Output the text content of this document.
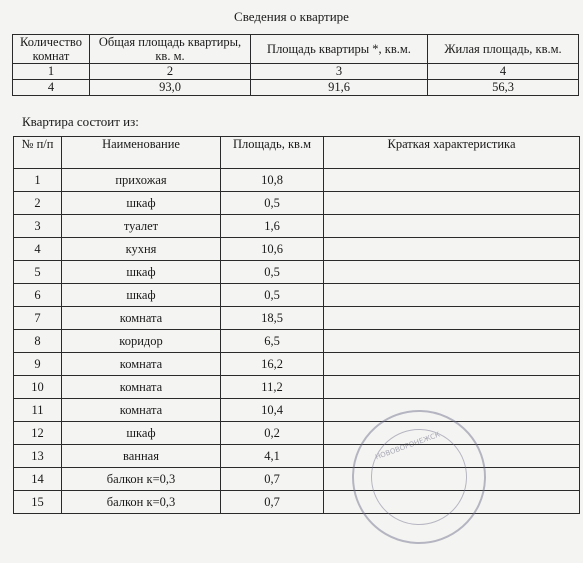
Сведения о квартире
Количество комнат	Общая площадь квартиры, кв. м.	Площадь квартиры *, кв.м.	Жилая площадь, кв.м.
1	2	3	4
4	93,0	91,6	56,3
Квартира состоит из:
№ п/п	Наименование	Площадь, кв.м	Краткая характеристика
1	прихожая	10,8	
2	шкаф	0,5	
3	туалет	1,6	
4	кухня	10,6	
5	шкаф	0,5	
6	шкаф	0,5	
7	комната	18,5	
8	коридор	6,5	
9	комната	16,2	
10	комната	11,2	
11	комната	10,4	
12	шкаф	0,2	
13	ванная	4,1	
14	балкон к=0,3	0,7	
15	балкон к=0,3	0,7	
НОВОВОРОНЕЖСК
